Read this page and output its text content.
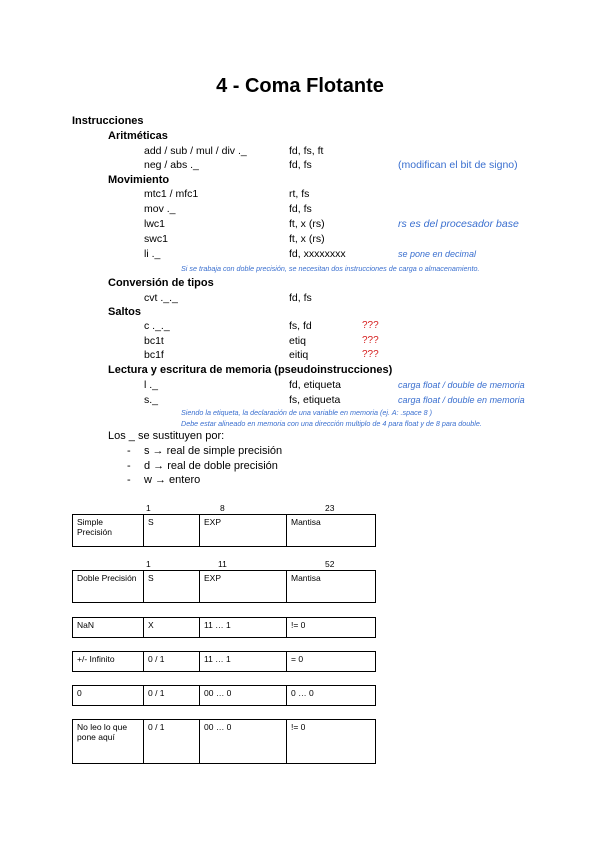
4 - Coma Flotante
Instrucciones
Aritméticas
add / sub / mul / div ._	fd, fs, ft
neg / abs ._	fd, fs	(modifican el bit de signo)
Movimiento
mtc1 / mfc1	rt, fs
mov ._	fd, fs
lwc1	ft, x (rs)	rs es del procesador base
swc1	ft, x (rs)
li ._	fd, xxxxxxxx	se pone en decimal
Si se trabaja con doble precisión, se necesitan dos instrucciones de carga o almacenamiento.
Conversión de tipos
cvt ._._	fd, fs
Saltos
c ._._	fs, fd	???
bc1t	etiq	???
bc1f	eitiq	???
Lectura y escritura de memoria (pseudoinstrucciones)
l ._	fd, etiqueta	carga float / double de memoria
s._	fs, etiqueta	carga float / double en memoria
Siendo la etiqueta, la declaración de una variable en memoria (ej. A: .space 8 )
Debe estar alineado en memoria con una dirección multiplo de 4 para float y de 8 para double.
Los _ se sustituyen por:
- s → real de simple precisión
- d → real de doble precisión
- w → entero
1	8	23
Simple Precisión	S	EXP	Mantisa
1	11	52
Doble Precisión	S	EXP	Mantisa
NaN	X	11 … 1	!= 0
+/- Infinito	0 / 1	11 … 1	= 0
0	0 / 1	00 … 0	0 … 0
No leo lo que pone aquí	0 / 1	00 … 0	!= 0
